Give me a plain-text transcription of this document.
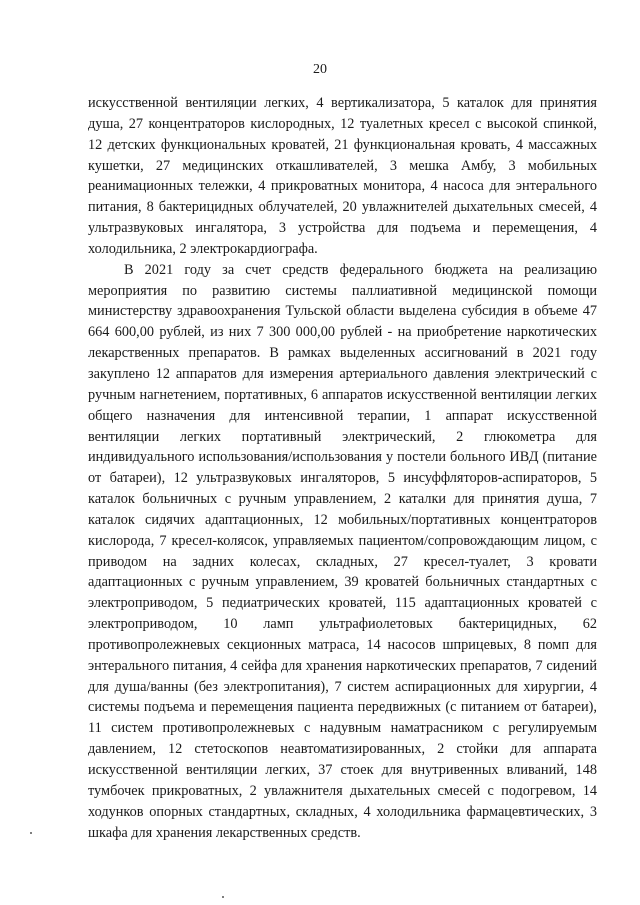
20

искусственной вентиляции легких, 4 вертикализатора, 5 каталок для принятия душа, 27 концентраторов кислородных, 12 туалетных кресел с высокой спинкой, 12 детских функциональных кроватей, 21 функциональная кровать, 4 массажных кушетки, 27 медицинских откашливателей, 3 мешка Амбу, 3 мобильных реанимационных тележки, 4 прикроватных монитора, 4 насоса для энтерального питания, 8 бактерицидных облучателей, 20 увлажнителей дыхательных смесей, 4 ультразвуковых ингалятора, 3 устройства для подъема и перемещения, 4 холодильника, 2 электрокардиографа.

В 2021 году за счет средств федерального бюджета на реализацию мероприятия по развитию системы паллиативной медицинской помощи министерству здравоохранения Тульской области выделена субсидия в объеме 47 664 600,00 рублей, из них 7 300 000,00 рублей - на приобретение наркотических лекарственных препаратов. В рамках выделенных ассигнований в 2021 году закуплено 12 аппаратов для измерения артериального давления электрический с ручным нагнетением, портативных, 6 аппаратов искусственной вентиляции легких общего назначения для интенсивной терапии, 1 аппарат искусственной вентиляции легких портативный электрический, 2 глюкометра для индивидуального использования/использования у постели больного ИВД (питание от батареи), 12 ультразвуковых ингаляторов, 5 инсуффляторов-аспираторов, 5 каталок больничных с ручным управлением, 2 каталки для принятия душа, 7 каталок сидячих адаптационных, 12 мобильных/портативных концентраторов кислорода, 7 кресел-колясок, управляемых пациентом/сопровождающим лицом, с приводом на задних колесах, складных, 27 кресел-туалет, 3 кровати адаптационных с ручным управлением, 39 кроватей больничных стандартных с электроприводом, 5 педиатрических кроватей, 115 адаптационных кроватей с электроприводом, 10 ламп ультрафиолетовых бактерицидных, 62 противопролежневых секционных матраса, 14 насосов шприцевых, 8 помп для энтерального питания, 4 сейфа для хранения наркотических препаратов, 7 сидений для душа/ванны (без электропитания), 7 систем аспирационных для хирургии, 4 системы подъема и перемещения пациента передвижных (с питанием от батареи), 11 систем противопролежневых с надувным наматрасником с регулируемым давлением, 12 стетоскопов неавтоматизированных, 2 стойки для аппарата искусственной вентиляции легких, 37 стоек для внутривенных вливаний, 148 тумбочек прикроватных, 2 увлажнителя дыхательных смесей с подогревом, 14 ходунков опорных стандартных, складных, 4 холодильника фармацевтических, 3 шкафа для хранения лекарственных средств.
